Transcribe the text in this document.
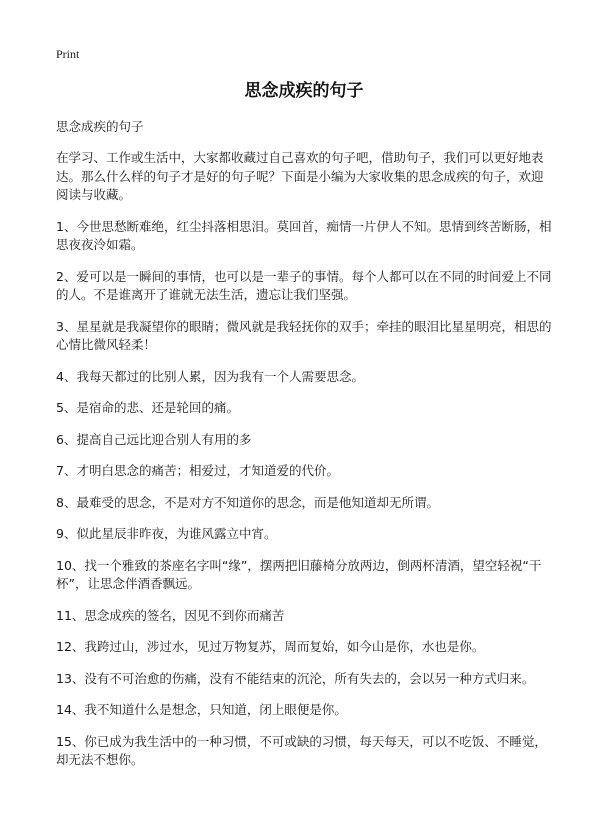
Print
思念成疾的句子
思念成疾的句子

在学习、工作或生活中，大家都收藏过自己喜欢的句子吧，借助句子，我们可以更好地表达。那么什么样的句子才是好的句子呢？下面是小编为大家收集的思念成疾的句子，欢迎阅读与收藏。

1、今世思愁断难绝，红尘抖落相思泪。莫回首，痴情一片伊人不知。思情到终苦断肠，相思夜夜泠如霜。

2、爱可以是一瞬间的事情，也可以是一辈子的事情。每个人都可以在不同的时间爱上不同的人。不是谁离开了谁就无法生活，遗忘让我们坚强。

3、星星就是我凝望你的眼睛；微风就是我轻抚你的双手；牵挂的眼泪比星星明亮，相思的心情比微风轻柔！

4、我每天都过的比别人累，因为我有一个人需要思念。

5、是宿命的悲、还是轮回的痛。

6、提高自己远比迎合别人有用的多

7、才明白思念的痛苦；相爱过，才知道爱的代价。

8、最难受的思念，不是对方不知道你的思念，而是他知道却无所谓。

9、似此星辰非昨夜，为谁风露立中宵。

10、找一个雅致的茶座名字叫“缘”，摆两把旧藤椅分放两边，倒两杯清酒，望空轻祝“干杯”，让思念伴酒香飘远。

11、思念成疾的签名，因见不到你而痛苦

12、我跨过山，涉过水，见过万物复苏，周而复始，如今山是你，水也是你。

13、没有不可治愈的伤痛，没有不能结束的沉沦，所有失去的，会以另一种方式归来。

14、我不知道什么是想念，只知道，闭上眼便是你。

15、你已成为我生活中的一种习惯，不可或缺的习惯，每天每天，可以不吃饭、不睡觉，却无法不想你。
